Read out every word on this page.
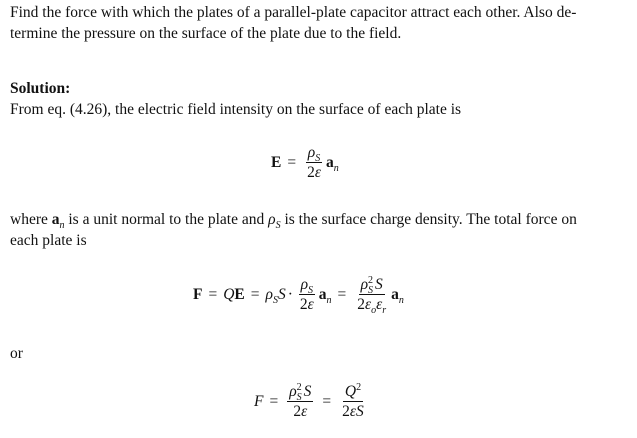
Find the force with which the plates of a parallel-plate capacitor attract each other. Also de-
termine the pressure on the surface of the plate due to the field.

Solution:

From eq. (4.26), the electric field intensity on the surface of each plate is

$E = \frac{\rho_S}{2\varepsilon} a_n$

where $a_n$ is a unit normal to the plate and $\rho_S$ is the surface charge density. The total force on
each plate is

F = QE = $\rho_SS \cdot \frac{\rho_S}{2\varepsilon} a_n = \frac{\rho^2_S S}{2\varepsilon_o\varepsilon_r} a_n$

or

$F = \frac{\rho^2_S S}{2\varepsilon} = \frac{Q^2}{2\varepsilon S}$
